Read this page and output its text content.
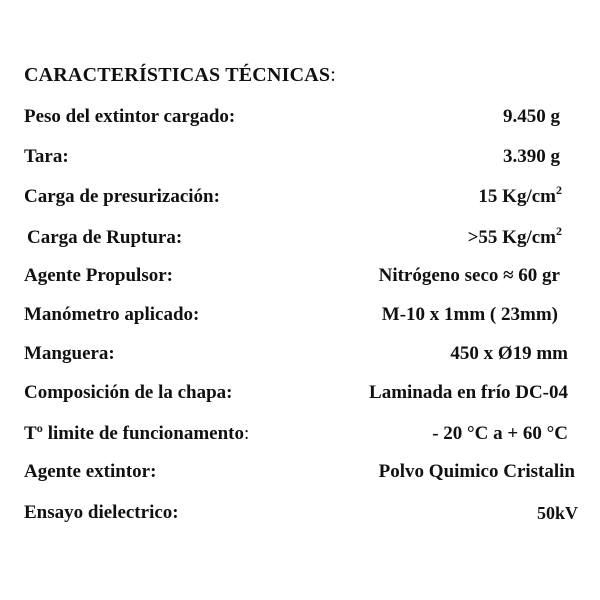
CARACTERÍSTICAS TÉCNICAS:
Peso del extintor cargado:	9.450 g
Tara:	3.390 g
Carga de presurización:	15 $Kg/cm^2$
Carga de Ruptura:	>55 $Kg/cm^2$
Agente Propulsor:	Nitrógeno seco ≈ 60 gr
Manómetro aplicado:	M-10 x 1mm ( 23mm)
Manguera:	450 x Ø19 mm
Composición de la chapa:	Laminada en frío DC-04
Tº limite de funcionamento:	- 20 °C a + 60 °C
Agente extintor:	Polvo Quimico Cristalin
Ensayo dielectrico:	50kV
